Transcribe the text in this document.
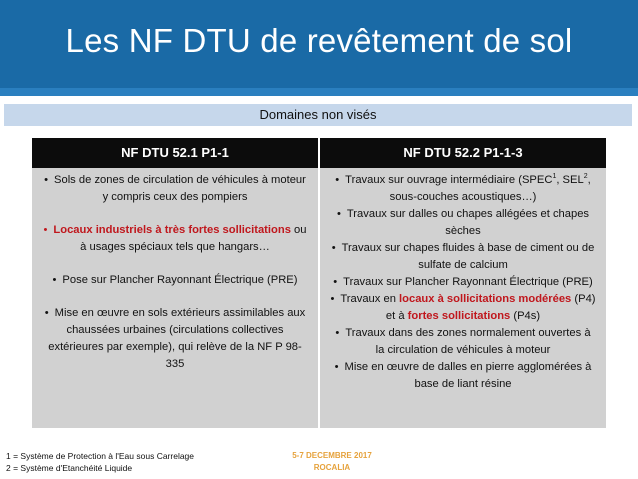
Les NF DTU de revêtement de sol
Domaines non visés
NF DTU 52.1 P1-1	NF DTU 52.2 P1-1-3
• Sols de zones de circulation de véhicules à moteur y compris ceux des pompiers
• Locaux industriels à très fortes sollicitations ou à usages spéciaux tels que hangars…
• Pose sur Plancher Rayonnant Électrique (PRE)
• Mise en œuvre en sols extérieurs assimilables aux chaussées urbaines (circulations collectives extérieures par exemple), qui relève de la NF P 98-335
• Travaux sur ouvrage intermédiaire (SPEC$^1$, SEL$^2$, sous-couches acoustiques…)
• Travaux sur dalles ou chapes allégées et chapes sèches
• Travaux sur chapes fluides à base de ciment ou de sulfate de calcium
• Travaux sur Plancher Rayonnant Électrique (PRE)
• Travaux en locaux à sollicitations modérées (P4) et à fortes sollicitations (P4s)
• Travaux dans des zones normalement ouvertes à la circulation de véhicules à moteur
• Mise en œuvre de dalles en pierre agglomérées à base de liant résine
1 = Système de Protection à l'Eau sous Carrelage
2 = Système d'Etanchéité Liquide
5-7 DECEMBRE 2017
ROCALIA
